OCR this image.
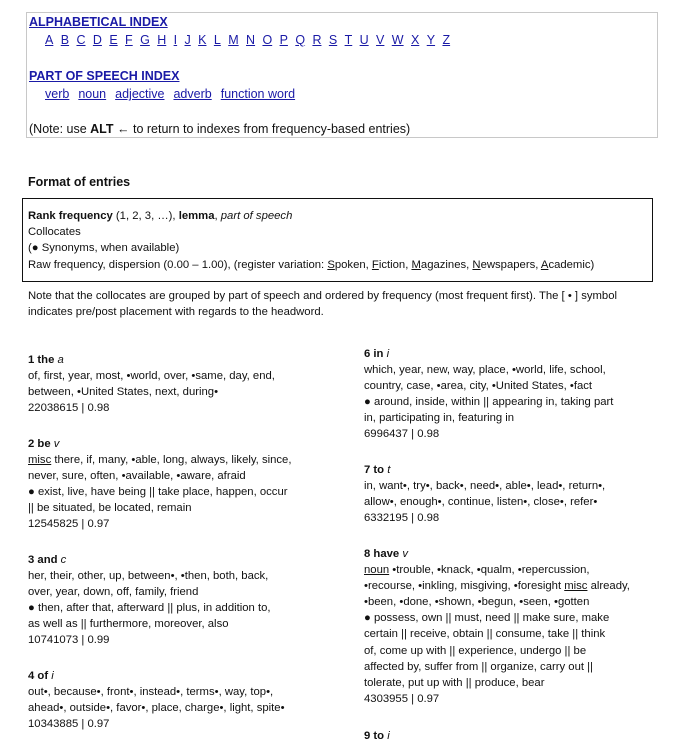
ALPHABETICAL INDEX
A B C D E F G H I J K L M N O P Q R S T U V W X Y Z
PART OF SPEECH INDEX
verb noun adjective adverb function word
(Note: use ALT ← to return to indexes from frequency-based entries)
Format of entries
Rank frequency (1, 2, 3, …), lemma, part of speech
Collocates
(● Synonyms, when available)
Raw frequency, dispersion (0.00 – 1.00), (register variation: Spoken, Fiction, Magazines, Newspapers, Academic)
Note that the collocates are grouped by part of speech and ordered by frequency (most frequent first). The [ • ] symbol indicates pre/post placement with regards to the headword.
1 the a
of, first, year, most, •world, over, •same, day, end,
between, •United States, next, during•
22038615 | 0.98
2 be v
misc there, if, many, •able, long, always, likely, since,
never, sure, often, •available, •aware, afraid
● exist, live, have being || take place, happen, occur
|| be situated, be located, remain
12545825 | 0.97
3 and c
her, their, other, up, between•, •then, both, back,
over, year, down, off, family, friend
● then, after that, afterward || plus, in addition to,
as well as || furthermore, moreover, also
10741073 | 0.99
4 of i
out•, because•, front•, instead•, terms•, way, top•,
ahead•, outside•, favor•, place, charge•, light, spite•
10343885 | 0.97
6 in i
which, year, new, way, place, •world, life, school,
country, case, •area, city, •United States, •fact
● around, inside, within || appearing in, taking part
in, participating in, featuring in
6996437 | 0.98
7 to t
in, want•, try•, back•, need•, able•, lead•, return•,
allow•, enough•, continue, listen•, close•, refer•
6332195 | 0.98
8 have v
noun •trouble, •knack, •qualm, •repercussion,
•recourse, •inkling, misgiving, •foresight misc already,
•been, •done, •shown, •begun, •seen, •gotten
● possess, own || must, need || make sure, make
certain || receive, obtain || consume, take || think
of, come up with || experience, undergo || be
affected by, suffer from || organize, carry out ||
tolerate, put up with || produce, bear
4303955 | 0.97
9 to i
